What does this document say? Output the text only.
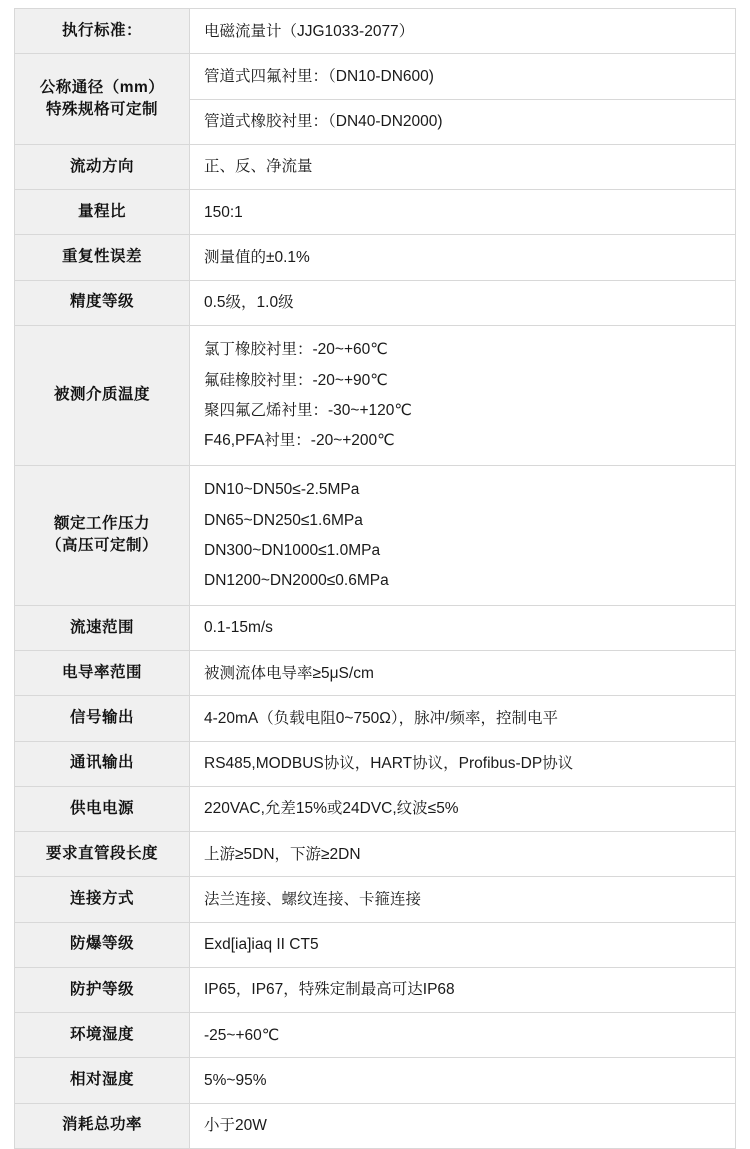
执行标准：	电磁流量计（JJG1033-2077）

公称通径（mm）
特殊规格可定制	管道式四氟衬里：（DN10-DN600)

	管道式橡胶衬里：（DN40-DN2000)

流动方向	正、反、净流量

量程比	150:1

重复性误差	测量值的±0.1%

精度等级	0.5级，1.0级

被测介质温度	氯丁橡胶衬里：-20~+60℃
氟硅橡胶衬里：-20~+90℃
聚四氟乙烯衬里：-30~+120℃
F46,PFA衬里：-20~+200℃

额定工作压力
（高压可定制）	DN10~DN50≤-2.5MPa
DN65~DN250≤1.6MPa
DN300~DN1000≤1.0MPa
DN1200~DN2000≤0.6MPa

流速范围	0.1-15m/s

电导率范围	被测流体电导率≥5μS/cm

信号输出	4-20mA（负载电阻0~750Ω），脉冲/频率，控制电平

通讯输出	RS485,MODBUS协议，HART协议，Profibus-DP协议

供电电源	220VAC,允差15%或24DVC,纹波≤5%

要求直管段长度	上游≥5DN，下游≥2DN

连接方式	法兰连接、螺纹连接、卡箍连接

防爆等级	Exd[ia]iaq II CT5

防护等级	IP65，IP67，特殊定制最高可达IP68

环境湿度	-25~+60℃

相对湿度	5%~95%

消耗总功率	小于20W
